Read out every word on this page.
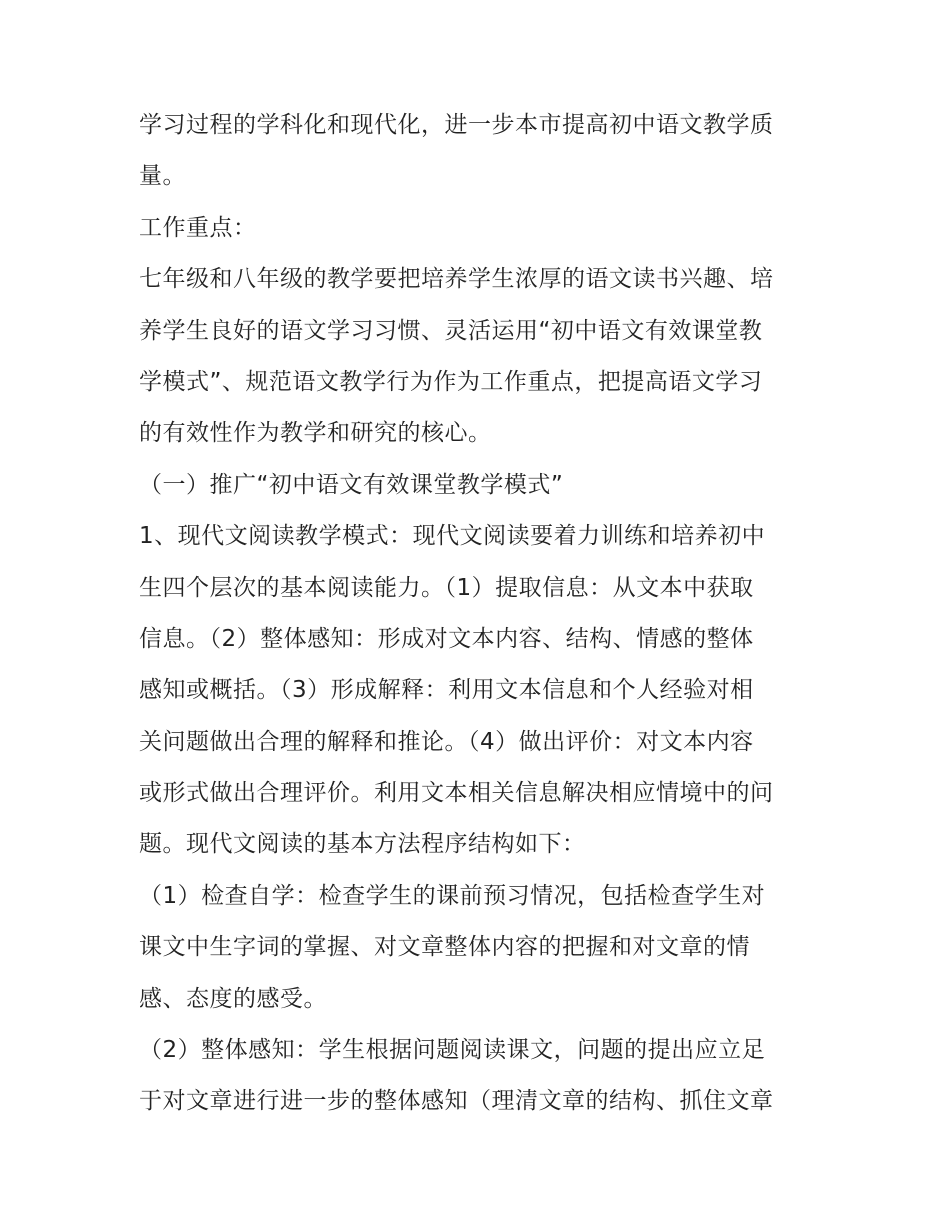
学习过程的学科化和现代化，进一步本市提高初中语文教学质
量。
工作重点：
七年级和八年级的教学要把培养学生浓厚的语文读书兴趣、培
养学生良好的语文学习习惯、灵活运用“初中语文有效课堂教
学模式”、规范语文教学行为作为工作重点，把提高语文学习
的有效性作为教学和研究的核心。
（一）推广“初中语文有效课堂教学模式”
1、现代文阅读教学模式：现代文阅读要着力训练和培养初中
生四个层次的基本阅读能力。（1）提取信息：从文本中获取
信息。（2）整体感知：形成对文本内容、结构、情感的整体
感知或概括。（3）形成解释：利用文本信息和个人经验对相
关问题做出合理的解释和推论。（4）做出评价：对文本内容
或形式做出合理评价。利用文本相关信息解决相应情境中的问
题。现代文阅读的基本方法程序结构如下：
（1）检查自学：检查学生的课前预习情况，包括检查学生对
课文中生字词的掌握、对文章整体内容的把握和对文章的情
感、态度的感受。
（2）整体感知：学生根据问题阅读课文，问题的提出应立足
于对文章进行进一步的整体感知（理清文章的结构、抓住文章
